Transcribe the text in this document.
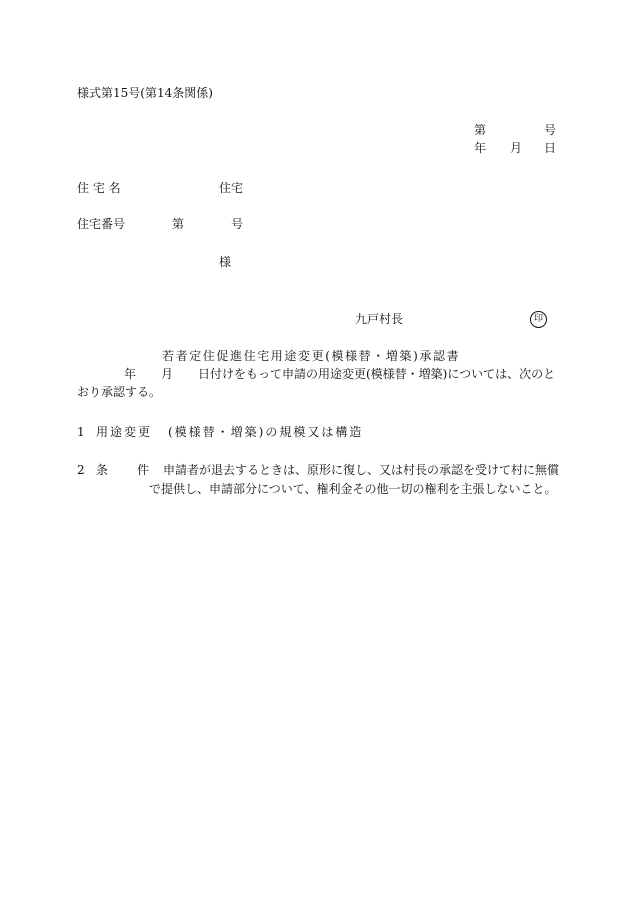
様式第15号(第14条関係)
第	号
年 月 日
住 宅 名	住宅
住宅番号	第	号
様
九戸村長	印
若者定住促進住宅用途変更(模様替・増築)承認書
年 月 日付けをもって申請の用途変更(模様替・増築)については、次のと
おり承認する。
1 用途変更 (模様替・増築)の規模又は構造
2 条 件 申請者が退去するときは、原形に復し、又は村長の承認を受けて村に無償
で提供し、申請部分について、権利金その他一切の権利を主張しないこと。
